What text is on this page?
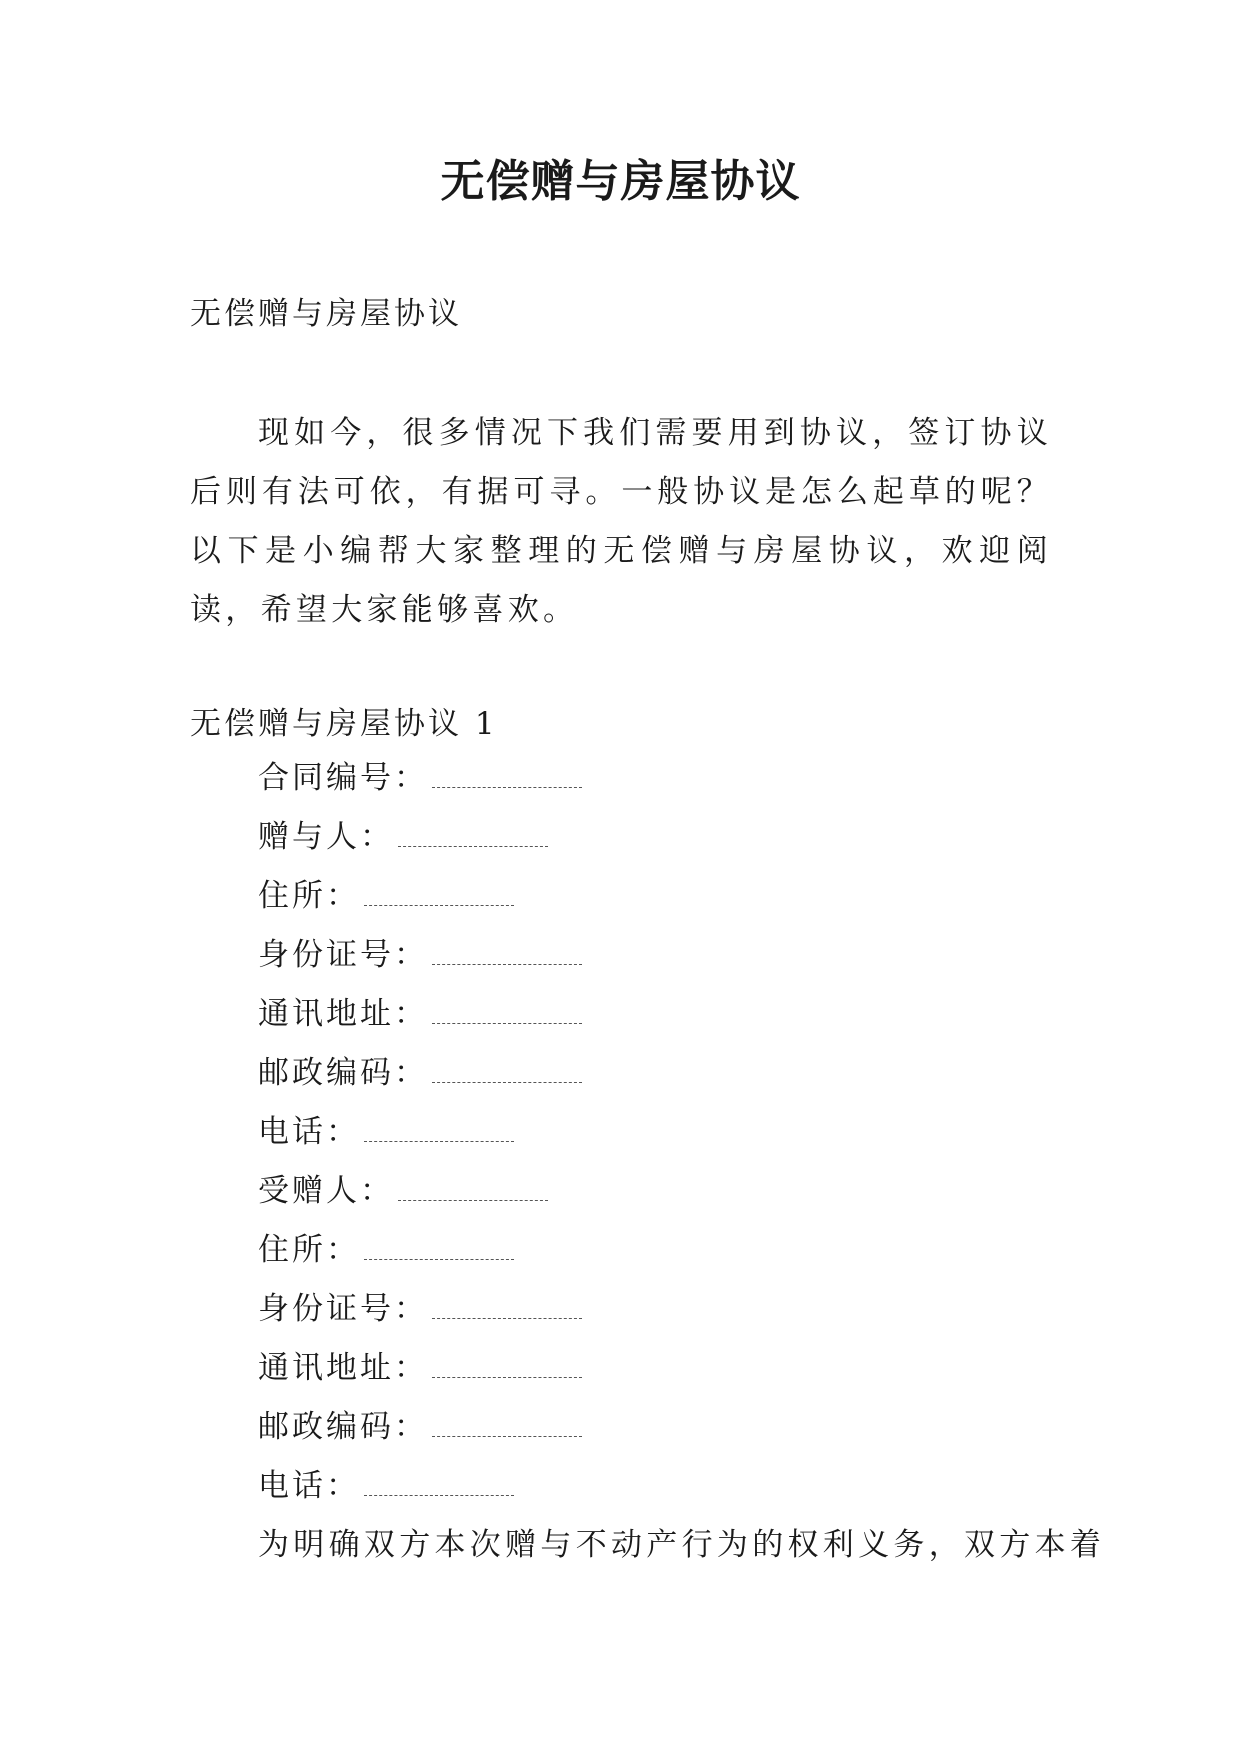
无偿赠与房屋协议
无偿赠与房屋协议
现如今，很多情况下我们需要用到协议，签订协议后则有法可依，有据可寻。一般协议是怎么起草的呢？以下是小编帮大家整理的无偿赠与房屋协议，欢迎阅读，希望大家能够喜欢。
无偿赠与房屋协议 1
合同编号：
赠与人：
住所：
身份证号：
通讯地址：
邮政编码：
电话：
受赠人：
住所：
身份证号：
通讯地址：
邮政编码：
电话：
为明确双方本次赠与不动产行为的权利义务，双方本着
